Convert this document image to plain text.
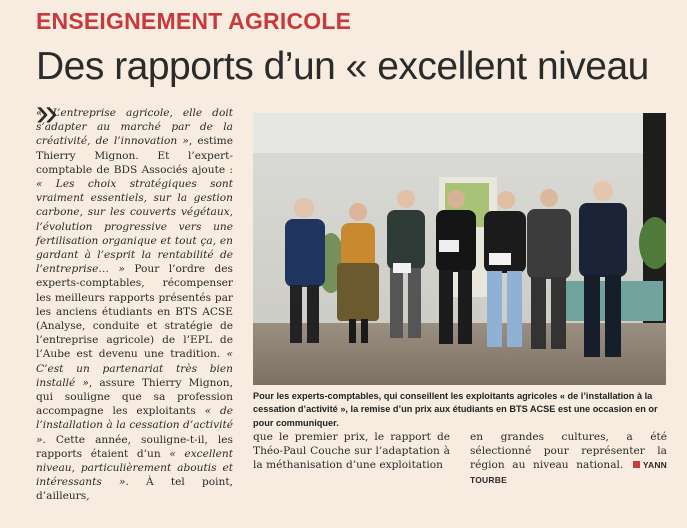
ENSEIGNEMENT AGRICOLE
Des rapports d’un « excellent niveau »

« L’entreprise agricole, elle doit s’adapter au marché par de la créativité, de l’innovation », estime Thierry Mignon. Et l’expert-comptable de BDS Associés ajoute : « Les choix stratégiques sont vraiment essentiels, sur la gestion carbone, sur les couverts végétaux, l’évolution progressive vers une fertilisation organique et tout ça, en gardant à l’esprit la rentabilité de l’entreprise… » Pour l’ordre des experts-comptables, récompenser les meilleurs rapports présentés par les anciens étudiants en BTS ACSE (Analyse, conduite et stratégie de l’entreprise agricole) de l’EPL de l’Aube est devenu une tradition. « C’est un partenariat très bien installé », assure Thierry Mignon, qui souligne que sa profession accompagne les exploitants « de l’installation à la cessation d’activité ». Cette année, souligne-t-il, les rapports étaient d’un « excellent niveau, particulièrement aboutis et intéressants ». À tel point, d’ailleurs,

Pour les experts-comptables, qui conseillent les exploitants agricoles « de l’installation à la cessation d’activité », la remise d’un prix aux étudiants en BTS ACSE est une occasion en or pour communiquer.

que le premier prix, le rapport de Théo-Paul Couche sur l’adaptation à la méthanisation d’une exploitation

en grandes cultures, a été sélectionné pour représenter la région au niveau national. YANN TOURBE
